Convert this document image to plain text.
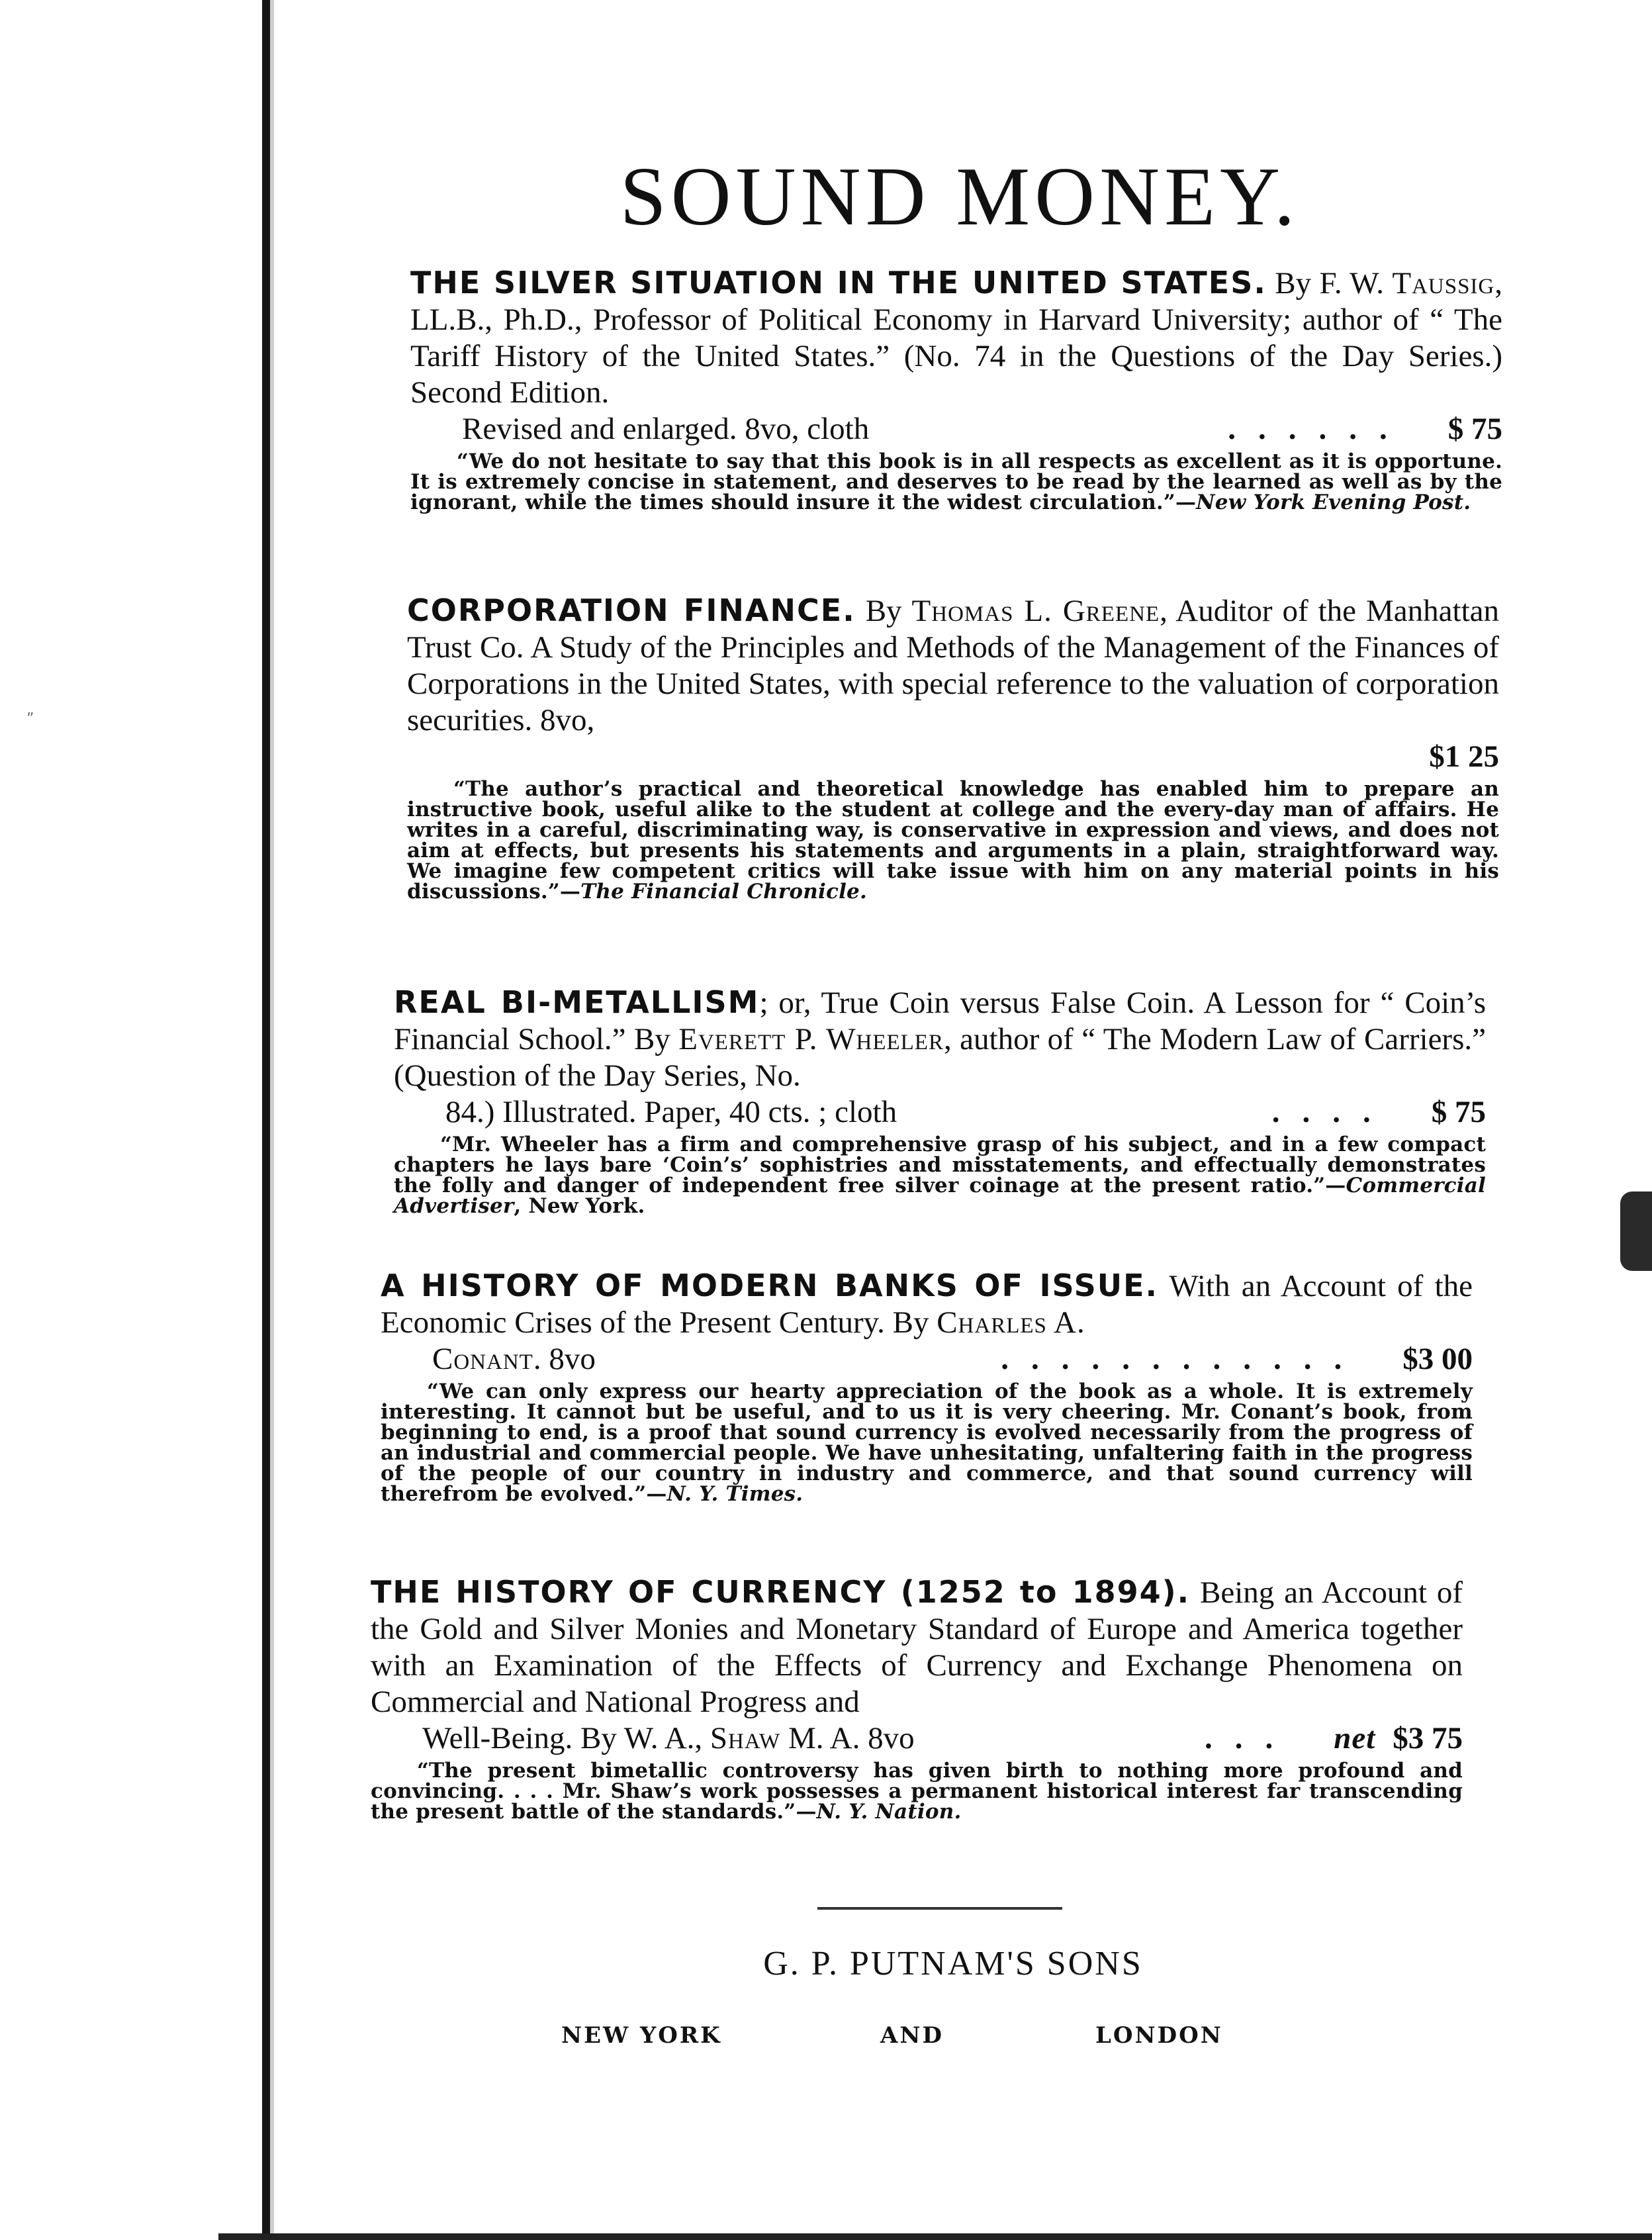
„
SOUND MONEY.

THE SILVER SITUATION IN THE UNITED STATES. By F. W. Taussig, LL.B., Ph.D., Professor of Political Economy in Harvard University; author of “ The Tariff History of the United States.” (No. 74 in the Questions of the Day Series.) Second Edition.

Revised and enlarged. 8vo, cloth	......	$ 75

“We do not hesitate to say that this book is in all respects as excellent as it is opportune. It is extremely concise in statement, and deserves to be read by the learned as well as by the ignorant, while the times should insure it the widest circulation.”—New York Evening Post.

CORPORATION FINANCE. By Thomas L. Greene, Auditor of the Manhattan Trust Co. A Study of the Principles and Methods of the Management of the Finances of Corporations in the United States, with special reference to the valuation of corporation securities. 8vo,

$1 25

“The author’s practical and theoretical knowledge has enabled him to prepare an instructive book, useful alike to the student at college and the every-day man of affairs. He writes in a careful, discriminating way, is conservative in expression and views, and does not aim at effects, but presents his statements and arguments in a plain, straightforward way. We imagine few competent critics will take issue with him on any material points in his discussions.”—The Financial Chronicle.

REAL BI-METALLISM; or, True Coin versus False Coin. A Lesson for “ Coin’s Financial School.” By Everett P. Wheeler, author of “ The Modern Law of Carriers.” (Question of the Day Series, No.

84.) Illustrated. Paper, 40 cts. ; cloth	....	$ 75

“Mr. Wheeler has a firm and comprehensive grasp of his subject, and in a few compact chapters he lays bare ‘Coin’s’ sophistries and misstatements, and effectually demonstrates the folly and danger of independent free silver coinage at the present ratio.”—Commercial Advertiser, New York.

A HISTORY OF MODERN BANKS OF ISSUE. With an Account of the Economic Crises of the Present Century. By Charles A.

Conant. 8vo	............	$3 00

“We can only express our hearty appreciation of the book as a whole. It is extremely interesting. It cannot but be useful, and to us it is very cheering. Mr. Conant’s book, from beginning to end, is a proof that sound currency is evolved necessarily from the progress of an industrial and commercial people. We have unhesitating, unfaltering faith in the progress of the people of our country in industry and commerce, and that sound currency will therefrom be evolved.”—N. Y. Times.

THE HISTORY OF CURRENCY (1252 to 1894). Being an Account of the Gold and Silver Monies and Monetary Standard of Europe and America together with an Examination of the Effects of Currency and Exchange Phenomena on Commercial and National Progress and

Well-Being. By W. A., Shaw M. A. 8vo	...	net $3 75

“The present bimetallic controversy has given birth to nothing more profound and convincing. . . . Mr. Shaw’s work possesses a permanent historical interest far transcending the present battle of the standards.”—N. Y. Nation.

G. P. PUTNAM'S SONS
NEW YORK	AND	LONDON
